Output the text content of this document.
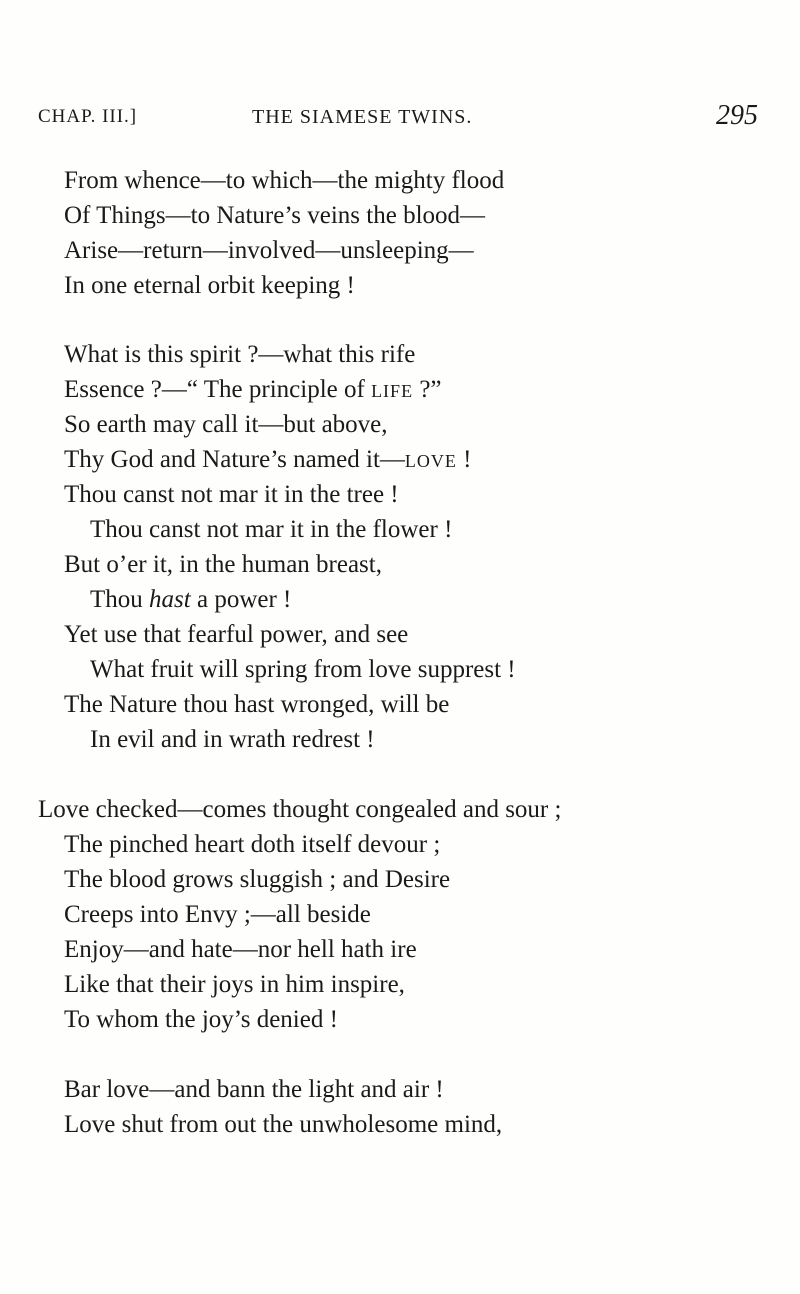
CHAP. III.]	THE SIAMESE TWINS.	295
From whence—to which—the mighty flood
Of Things—to Nature’s veins the blood—
Arise—return—involved—unsleeping—
In one eternal orbit keeping !
What is this spirit ?—what this rife
Essence ?—“ The principle of life ?”
So earth may call it—but above,
Thy God and Nature’s named it—love !
Thou canst not mar it in the tree !
Thou canst not mar it in the flower !
But o’er it, in the human breast,
Thou hast a power !
Yet use that fearful power, and see
What fruit will spring from love supprest !
The Nature thou hast wronged, will be
In evil and in wrath redrest !
Love checked—comes thought congealed and sour ;
The pinched heart doth itself devour ;
The blood grows sluggish ; and Desire
Creeps into Envy ;—all beside
Enjoy—and hate—nor hell hath ire
Like that their joys in him inspire,
To whom the joy’s denied !
Bar love—and bann the light and air !
Love shut from out the unwholesome mind,
